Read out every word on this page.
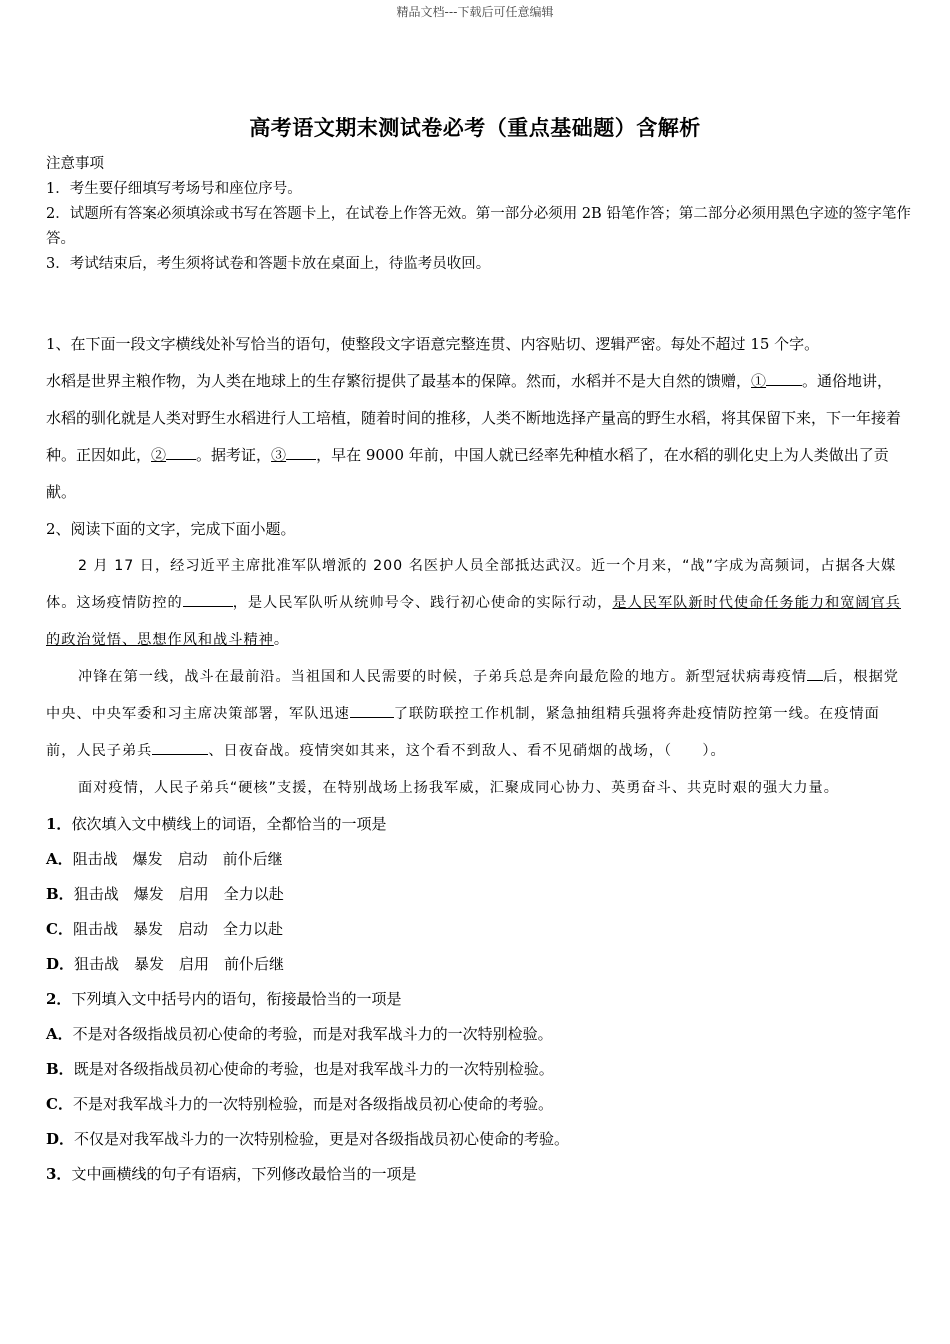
精品文档---下载后可任意编辑
高考语文期末测试卷必考（重点基础题）含解析
注意事项
1．考生要仔细填写考场号和座位序号。
2．试题所有答案必须填涂或书写在答题卡上，在试卷上作答无效。第一部分必须用 2B 铅笔作答；第二部分必须用黑色字迹的签字笔作答。
3．考试结束后，考生须将试卷和答题卡放在桌面上，待监考员收回。

1、在下面一段文字横线处补写恰当的语句，使整段文字语意完整连贯、内容贴切、逻辑严密。每处不超过 15 个字。

水稻是世界主粮作物，为人类在地球上的生存繁衍提供了最基本的保障。然而，水稻并不是大自然的馈赠，① 。通俗地讲，水稻的驯化就是人类对野生水稻进行人工培植，随着时间的推移，人类不断地选择产量高的野生水稻，将其保留下来，下一年接着种。正因如此，② 。据考证，③ ，早在 9000 年前，中国人就已经率先种植水稻了，在水稻的驯化史上为人类做出了贡献。

2、阅读下面的文字，完成下面小题。

2 月 17 日，经习近平主席批准军队增派的 200 名医护人员全部抵达武汉。近一个月来，“战”字成为高频词，占据各大媒体。这场疫情防控的	，是人民军队听从统帅号令、践行初心使命的实际行动，是人民军队新时代使命任务能力和宽阔官兵的政治觉悟、思想作风和战斗精神。

冲锋在第一线，战斗在最前沿。当祖国和人民需要的时候，子弟兵总是奔向最危险的地方。新型冠状病毒疫情 后，根据党中央、中央军委和习主席决策部署，军队迅速	了联防联控工作机制，紧急抽组精兵强将奔赴疫情防控第一线。在疫情面前，人民子弟兵	、日夜奋战。疫情突如其来，这个看不到敌人、看不见硝烟的战场，（　　）。

面对疫情，人民子弟兵“硬核”支援，在特别战场上扬我军威，汇聚成同心协力、英勇奋斗、共克时艰的强大力量。

1．依次填入文中横线上的词语，全都恰当的一项是

A．阻击战　爆发　启动　前仆后继

B．狙击战　爆发　启用　全力以赴

C．阻击战　暴发　启动　全力以赴

D．狙击战　暴发　启用　前仆后继

2．下列填入文中括号内的语句，衔接最恰当的一项是

A．不是对各级指战员初心使命的考验，而是对我军战斗力的一次特别检验。

B．既是对各级指战员初心使命的考验，也是对我军战斗力的一次特别检验。

C．不是对我军战斗力的一次特别检验，而是对各级指战员初心使命的考验。

D．不仅是对我军战斗力的一次特别检验，更是对各级指战员初心使命的考验。

3．文中画横线的句子有语病，下列修改最恰当的一项是
